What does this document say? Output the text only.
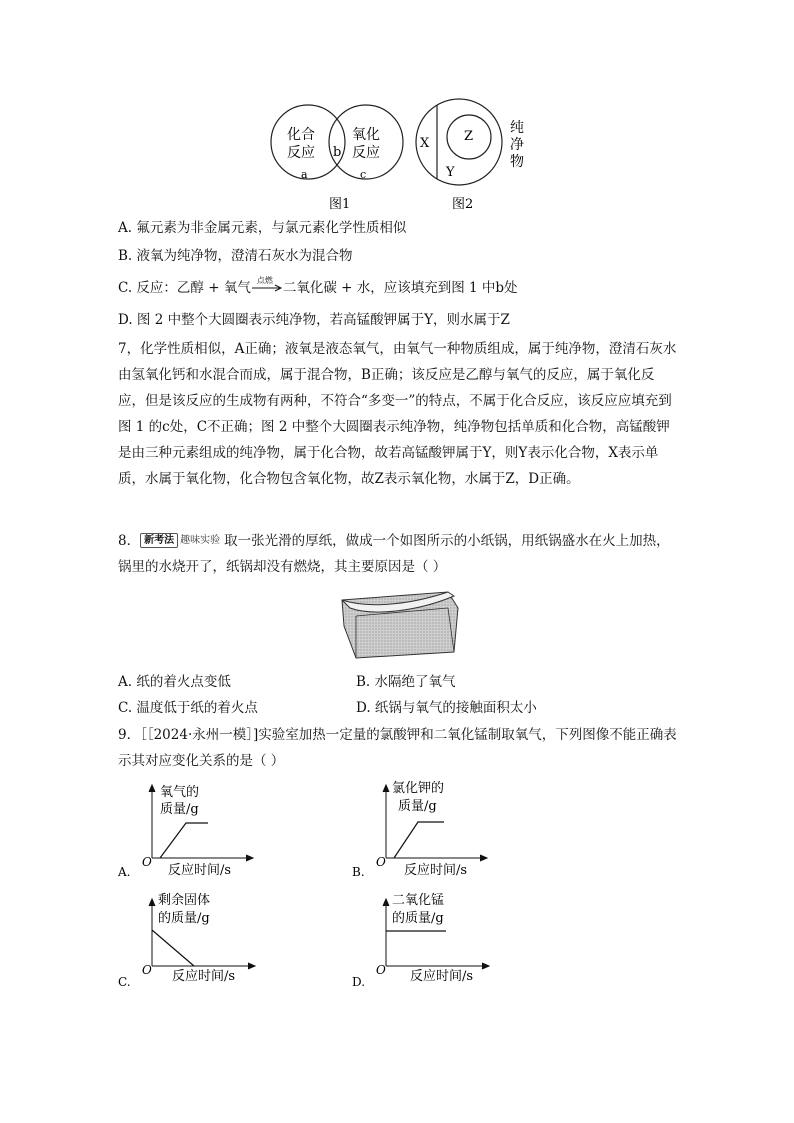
化合
反应
氧化
反应
b
a	c
图1
X	Z
Y
纯
净
物
图2
A. 氟元素为非金属元素，与氯元素化学性质相似
B. 液氧为纯净物，澄清石灰水为混合物
C. 反应：乙醇 + 氧气 点燃 二氧化碳 + 水，应该填充到图 1 中b处
D. 图 2 中整个大圆圈表示纯净物，若高锰酸钾属于Y，则水属于Z
7，化学性质相似，A正确；液氧是液态氧气，由氧气一种物质组成，属于纯净物，澄清石灰水由氢氧化钙和水混合而成，属于混合物，B正确；该反应是乙醇与氧气的反应，属于氧化反应，但是该反应的生成物有两种，不符合“多变一”的特点，不属于化合反应，该反应应填充到图 1 的c处，C不正确；图 2 中整个大圆圈表示纯净物，纯净物包括单质和化合物，高锰酸钾是由三种元素组成的纯净物，属于化合物，故若高锰酸钾属于Y，则Y表示化合物，X表示单质，水属于氧化物，化合物包含氧化物，故Z表示氧化物，水属于Z，D正确。
8． 新考法 趣味实验 取一张光滑的厚纸，做成一个如图所示的小纸锅，用纸锅盛水在火上加热，锅里的水烧开了，纸锅却没有燃烧，其主要原因是（ ）
A. 纸的着火点变低	B. 水隔绝了氧气
C. 温度低于纸的着火点	D. 纸锅与氧气的接触面积太小
9．［［2024·永州一模］]实验室加热一定量的氯酸钾和二氧化锰制取氧气，下列图像不能正确表示其对应变化关系的是（ ）
A.
氧气的
质量/g
O
反应时间/s	B.
氯化钾的
质量/g
O
反应时间/s
C.
剩余固体
的质量/g
O 反应时间/s	D.
二氧化锰
的质量/g
O 反应时间/s
